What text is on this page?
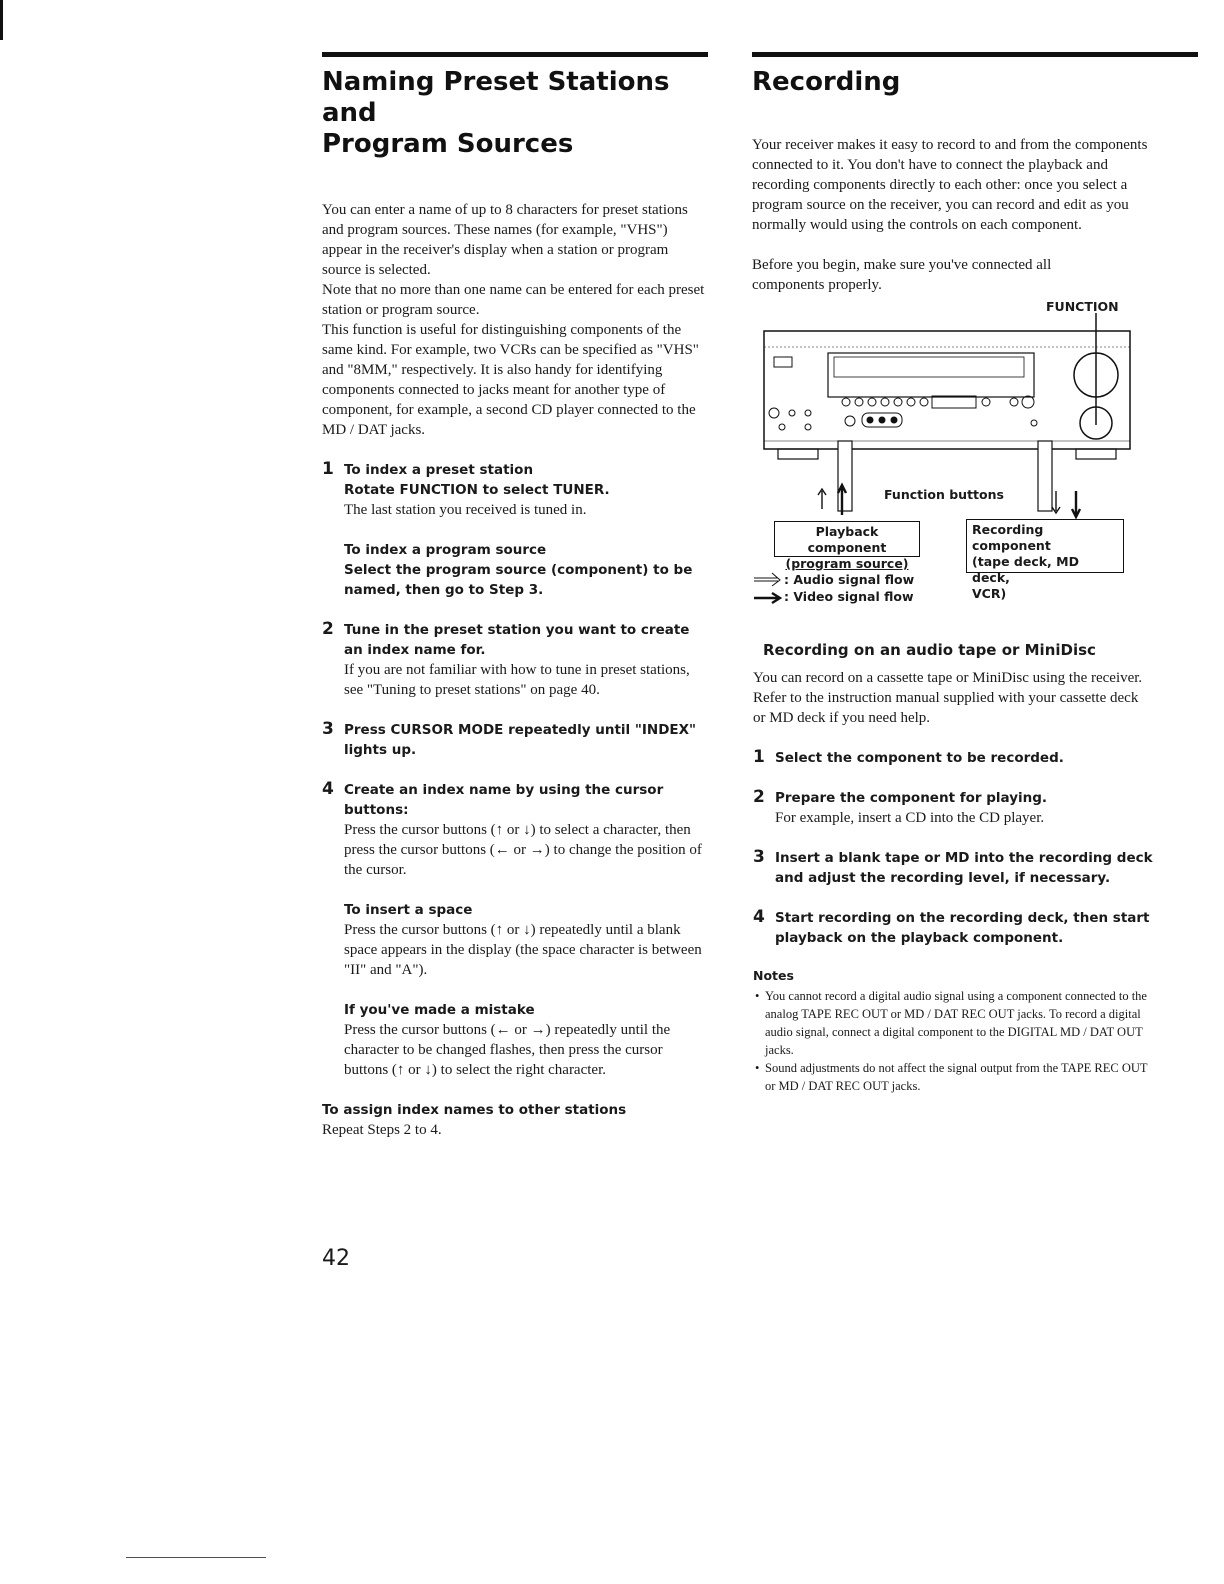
Naming Preset Stations and
Program Sources

You can enter a name of up to 8 characters for preset stations and program sources. These names (for example, "VHS") appear in the receiver's display when a station or program source is selected.

Note that no more than one name can be entered for each preset station or program source.

This function is useful for distinguishing components of the same kind. For example, two VCRs can be specified as "VHS" and "8MM," respectively. It is also handy for identifying components connected to jacks meant for another type of component, for example, a second CD player connected to the MD / DAT jacks.

1 To index a preset station
Rotate FUNCTION to select TUNER.

The last station you received is tuned in.

To index a program source
Select the program source (component) to be named, then go to Step 3.
2 Tune in the preset station you want to create an index name for.

If you are not familiar with how to tune in preset stations, see "Tuning to preset stations" on page 40.

3 Press CURSOR MODE repeatedly until "INDEX" lights up.
4 Create an index name by using the cursor buttons:

Press the cursor buttons (↑ or ↓) to select a character, then press the cursor buttons (← or →) to change the position of the cursor.

To insert a space

Press the cursor buttons (↑ or ↓) repeatedly until a blank space appears in the display (the space character is between "II" and "A").

If you've made a mistake

Press the cursor buttons (← or →) repeatedly until the character to be changed flashes, then press the cursor buttons (↑ or ↓) to select the right character.

To assign index names to other stations

Repeat Steps 2 to 4.

Recording

Your receiver makes it easy to record to and from the components connected to it. You don't have to connect the playback and recording components directly to each other: once you select a program source on the receiver, you can record and edit as you normally would using the controls on each component.

Before you begin, make sure you've connected all components properly.

FUNCTION
Function buttons
Playback component
(program source)
Recording component
(tape deck, MD deck,
VCR)
: Audio signal flow
: Video signal flow
Recording on an audio tape or MiniDisc

You can record on a cassette tape or MiniDisc using the receiver. Refer to the instruction manual supplied with your cassette deck or MD deck if you need help.

1 Select the component to be recorded.
2 Prepare the component for playing.

For example, insert a CD into the CD player.

3 Insert a blank tape or MD into the recording deck and adjust the recording level, if necessary.
4 Start recording on the recording deck, then start playback on the playback component.
Notes
• You cannot record a digital audio signal using a component connected to the analog TAPE REC OUT or MD / DAT REC OUT jacks. To record a digital audio signal, connect a digital component to the DIGITAL MD / DAT OUT jacks.
• Sound adjustments do not affect the signal output from the TAPE REC OUT or MD / DAT REC OUT jacks.
42
